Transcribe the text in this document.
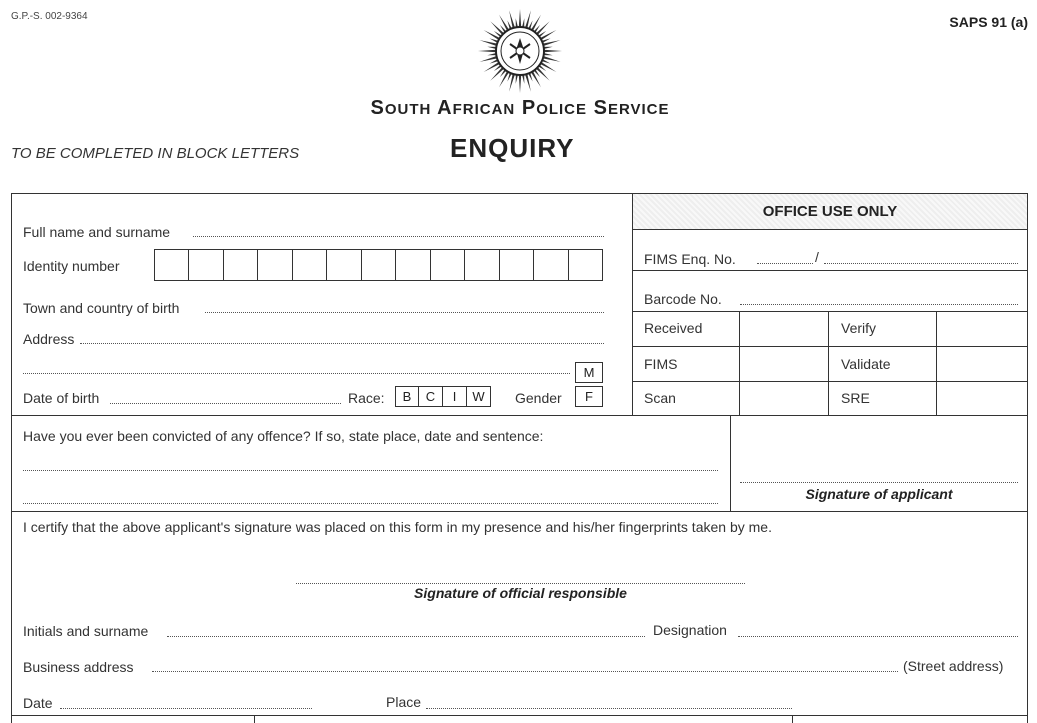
G.P.-S. 002-9364	SAPS 91 (a)
SOUTH AFRICAN POLICE SERVICE
TO BE COMPLETED IN BLOCK LETTERS	ENQUIRY
Full name and surname
Identity number
Town and country of birth
Address
Date of birth	Race:	B	C	I	W	Gender
M
F
OFFICE USE ONLY
FIMS Enq. No.	/
Barcode No.
Received	Verify
FIMS	Validate
Scan	SRE
Have you ever been convicted of any offence? If so, state place, date and sentence:
Signature of applicant
I certify that the above applicant's signature was placed on this form in my presence and his/her fingerprints taken by me.
Signature of official responsible
Initials and surname	Designation
Business address	(Street address)
Date	Place
